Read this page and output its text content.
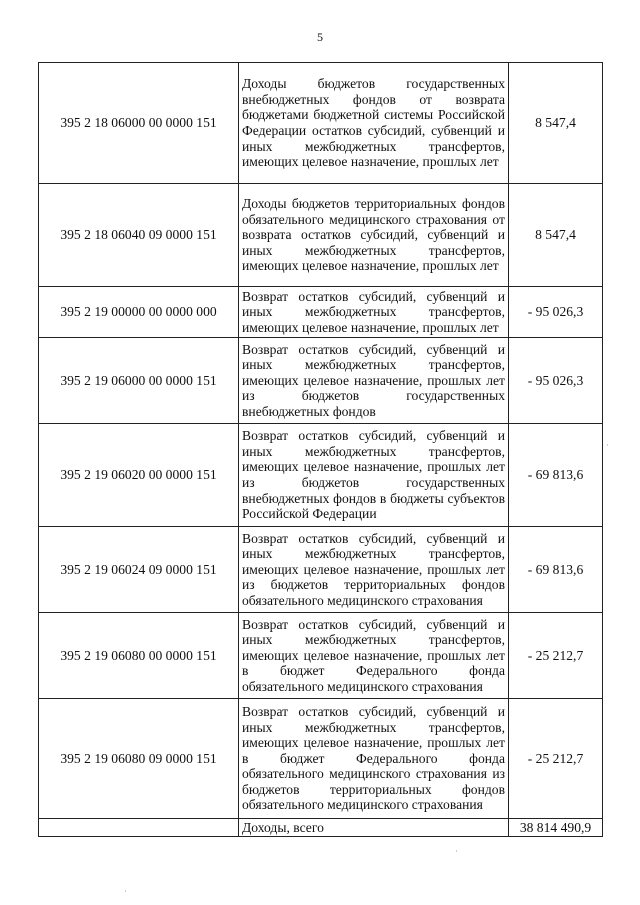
5
395 2 18 06000 00 0000 151	Доходы бюджетов государственных внебюджетных фондов от возврата бюджетами бюджетной системы Российской Федерации остатков субсидий, субвенций и иных межбюджетных трансфертов, имеющих целевое назначение, прошлых лет	8 547,4
395 2 18 06040 09 0000 151	Доходы бюджетов территориальных фондов обязательного медицинского страхования от возврата остатков субсидий, субвенций и иных межбюджетных трансфертов, имеющих целевое назначение, прошлых лет	8 547,4
395 2 19 00000 00 0000 000	Возврат остатков субсидий, субвенций и иных межбюджетных трансфертов, имеющих целевое назначение, прошлых лет	- 95 026,3
395 2 19 06000 00 0000 151	Возврат остатков субсидий, субвенций и иных межбюджетных трансфертов, имеющих целевое назначение, прошлых лет из бюджетов государственных внебюджетных фондов	- 95 026,3
395 2 19 06020 00 0000 151	Возврат остатков субсидий, субвенций и иных межбюджетных трансфертов, имеющих целевое назначение, прошлых лет из бюджетов государственных внебюджетных фондов в бюджеты субъектов Российской Федерации	- 69 813,6
395 2 19 06024 09 0000 151	Возврат остатков субсидий, субвенций и иных межбюджетных трансфертов, имеющих целевое назначение, прошлых лет из бюджетов территориальных фондов обязательного медицинского страхования	- 69 813,6
395 2 19 06080 00 0000 151	Возврат остатков субсидий, субвенций и иных межбюджетных трансфертов, имеющих целевое назначение, прошлых лет в бюджет Федерального фонда обязательного медицинского страхования	- 25 212,7
395 2 19 06080 09 0000 151	Возврат остатков субсидий, субвенций и иных межбюджетных трансфертов, имеющих целевое назначение, прошлых лет в бюджет Федерального фонда обязательного медицинского страхования из бюджетов территориальных фондов обязательного медицинского страхования	- 25 212,7
	Доходы, всего	38 814 490,9
·
·
·
